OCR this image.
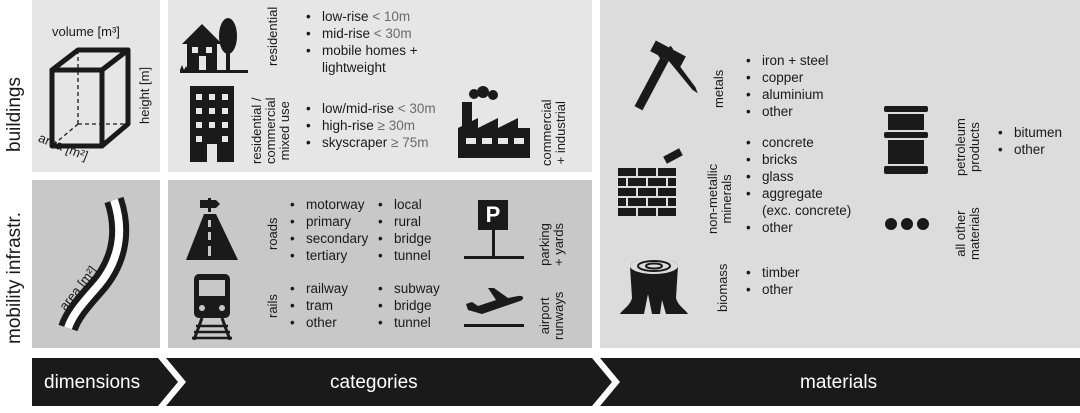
buildings
mobility infrastr.
volume [m³]
height [m]
area [m²]
area [m²]
residential	• low-rise < 10m
• mid-rise < 30m
• mobile homes +
lightweight
residential / commercial mixed use	• low/mid-rise < 30m
• high-rise ≥ 30m
• skyscraper ≥ 75m	commercial + industrial
roads
• motorway
• primary
• secondary
• tertiary
• local
• rural
• bridge
• tunnel
rails
• railway
• tram
• other
• subway
• bridge
• tunnel
P
parking + yards
airport runways
metals
• iron + steel
• copper
• aluminium
• other
non-metallic minerals
• concrete
• bricks
• glass
• aggregate
(exc. concrete)
• other
biomass	• timber
• other
petroleum products	• bitumen
• other
all other materials
dimensions	categories	materials
